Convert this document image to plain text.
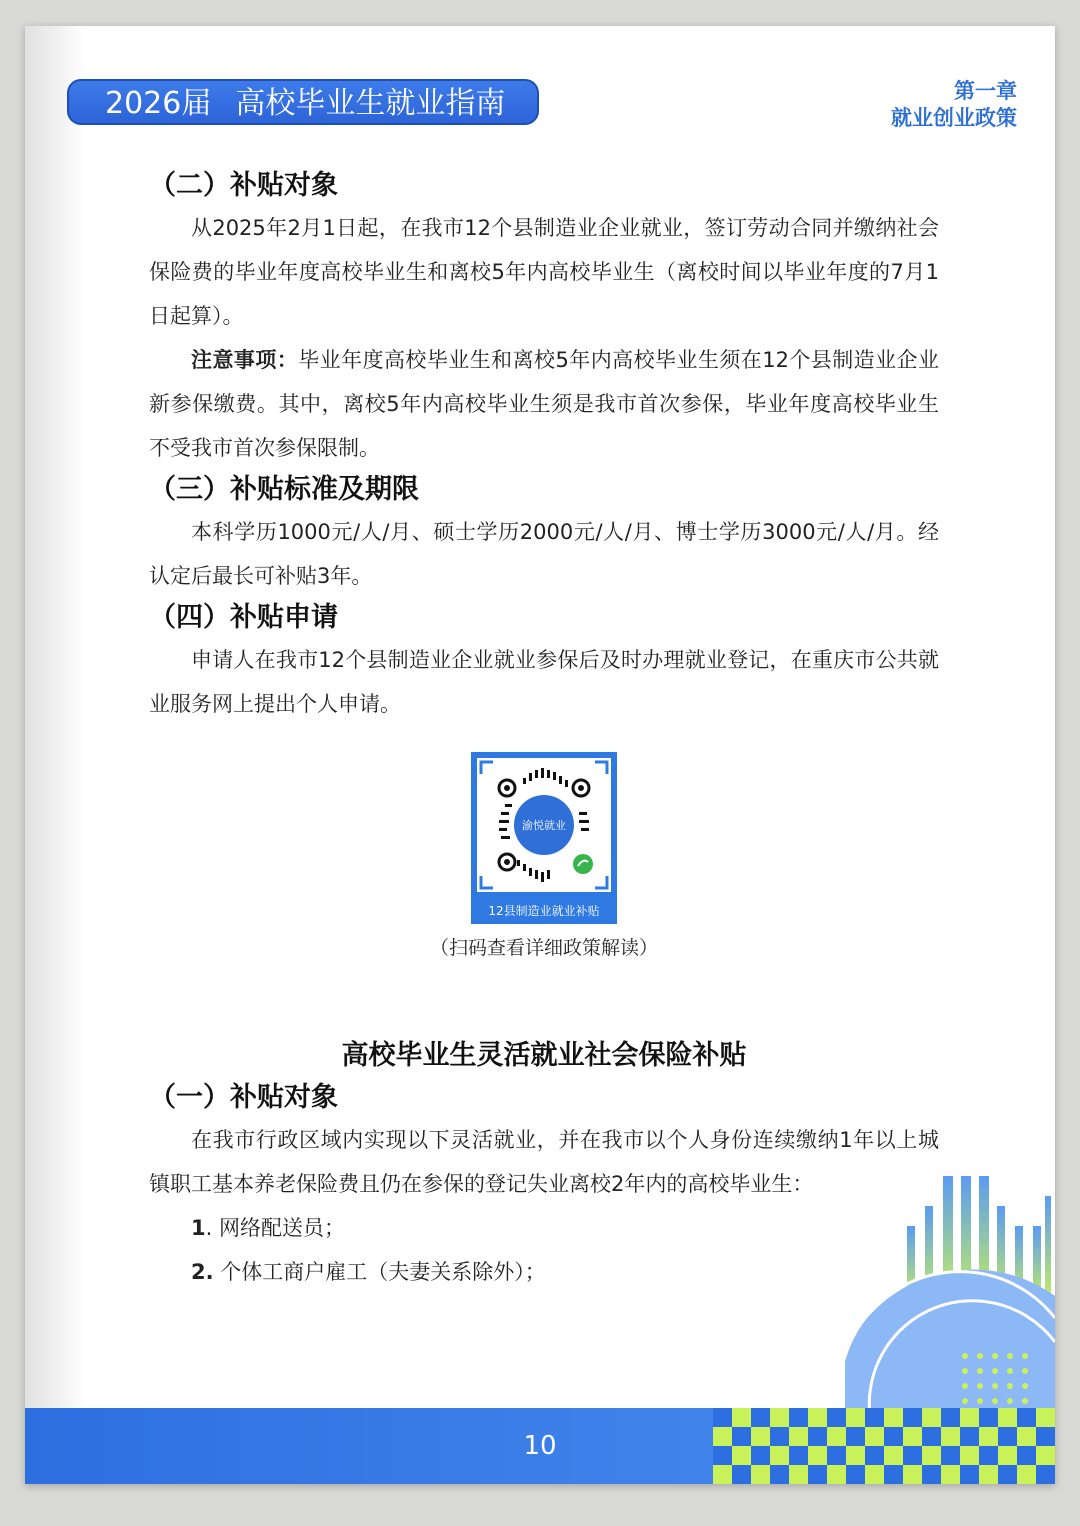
2026届 高校毕业生就业指南	第一章
就业创业政策

（二）补贴对象

从2025年2月1日起，在我市12个县制造业企业就业，签订劳动合同并缴纳社会保险费的毕业年度高校毕业生和离校5年内高校毕业生（离校时间以毕业年度的7月1日起算）。

注意事项：毕业年度高校毕业生和离校5年内高校毕业生须在12个县制造业企业新参保缴费。其中，离校5年内高校毕业生须是我市首次参保，毕业年度高校毕业生不受我市首次参保限制。

（三）补贴标准及期限

本科学历1000元/人/月、硕士学历2000元/人/月、博士学历3000元/人/月。经认定后最长可补贴3年。

（四）补贴申请

申请人在我市12个县制造业企业就业参保后及时办理就业登记，在重庆市公共就业服务网上提出个人申请。

渝悦就业
12县制造业就业补贴

（扫码查看详细政策解读）

高校毕业生灵活就业社会保险补贴

（一）补贴对象

在我市行政区域内实现以下灵活就业，并在我市以个人身份连续缴纳1年以上城镇职工基本养老保险费且仍在参保的登记失业离校2年内的高校毕业生：

1. 网络配送员；

2. 个体工商户雇工（夫妻关系除外）；

10
